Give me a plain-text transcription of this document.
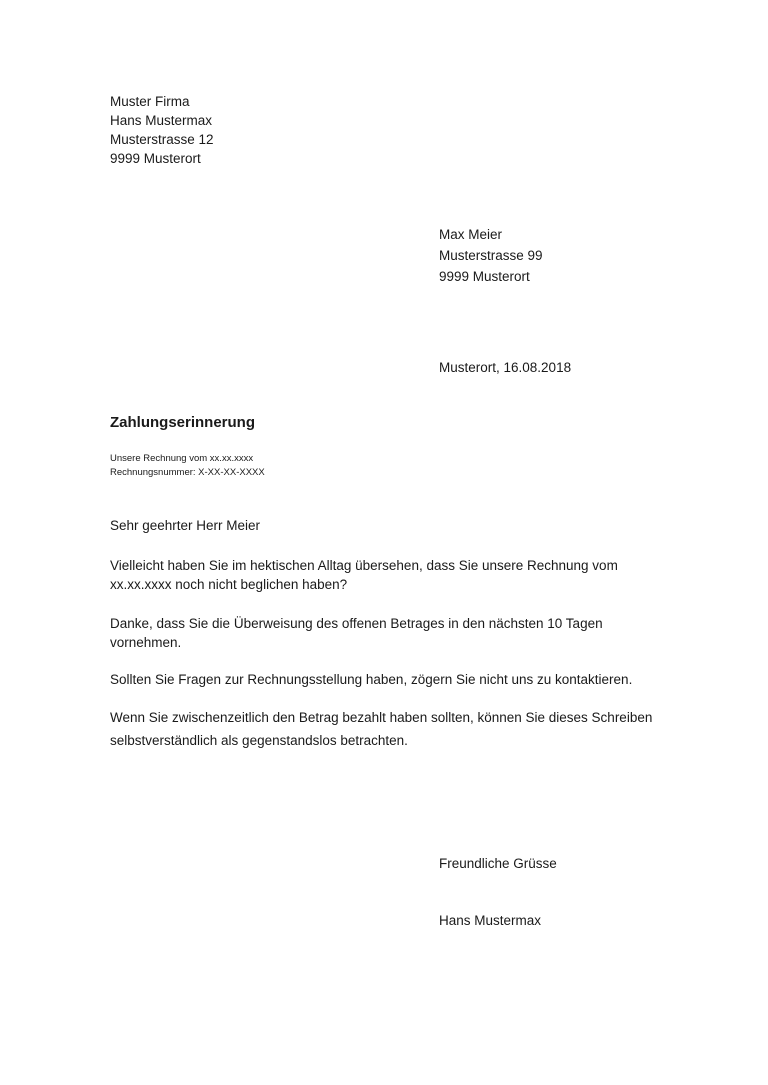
Muster Firma
Hans Mustermax
Musterstrasse 12
9999 Musterort
Max Meier
Musterstrasse 99
9999 Musterort
Musterort, 16.08.2018
Zahlungserinnerung
Unsere Rechnung vom xx.xx.xxxx
Rechnungsnummer: X-XX-XX-XXXX
Sehr geehrter Herr Meier
Vielleicht haben Sie im hektischen Alltag übersehen, dass Sie unsere Rechnung vom
xx.xx.xxxx noch nicht beglichen haben?
Danke, dass Sie die Überweisung des offenen Betrages in den nächsten 10 Tagen
vornehmen.
Sollten Sie Fragen zur Rechnungsstellung haben, zögern Sie nicht uns zu kontaktieren.
Wenn Sie zwischenzeitlich den Betrag bezahlt haben sollten, können Sie dieses Schreiben
selbstverständlich als gegenstandslos betrachten.
Freundliche Grüsse
Hans Mustermax
